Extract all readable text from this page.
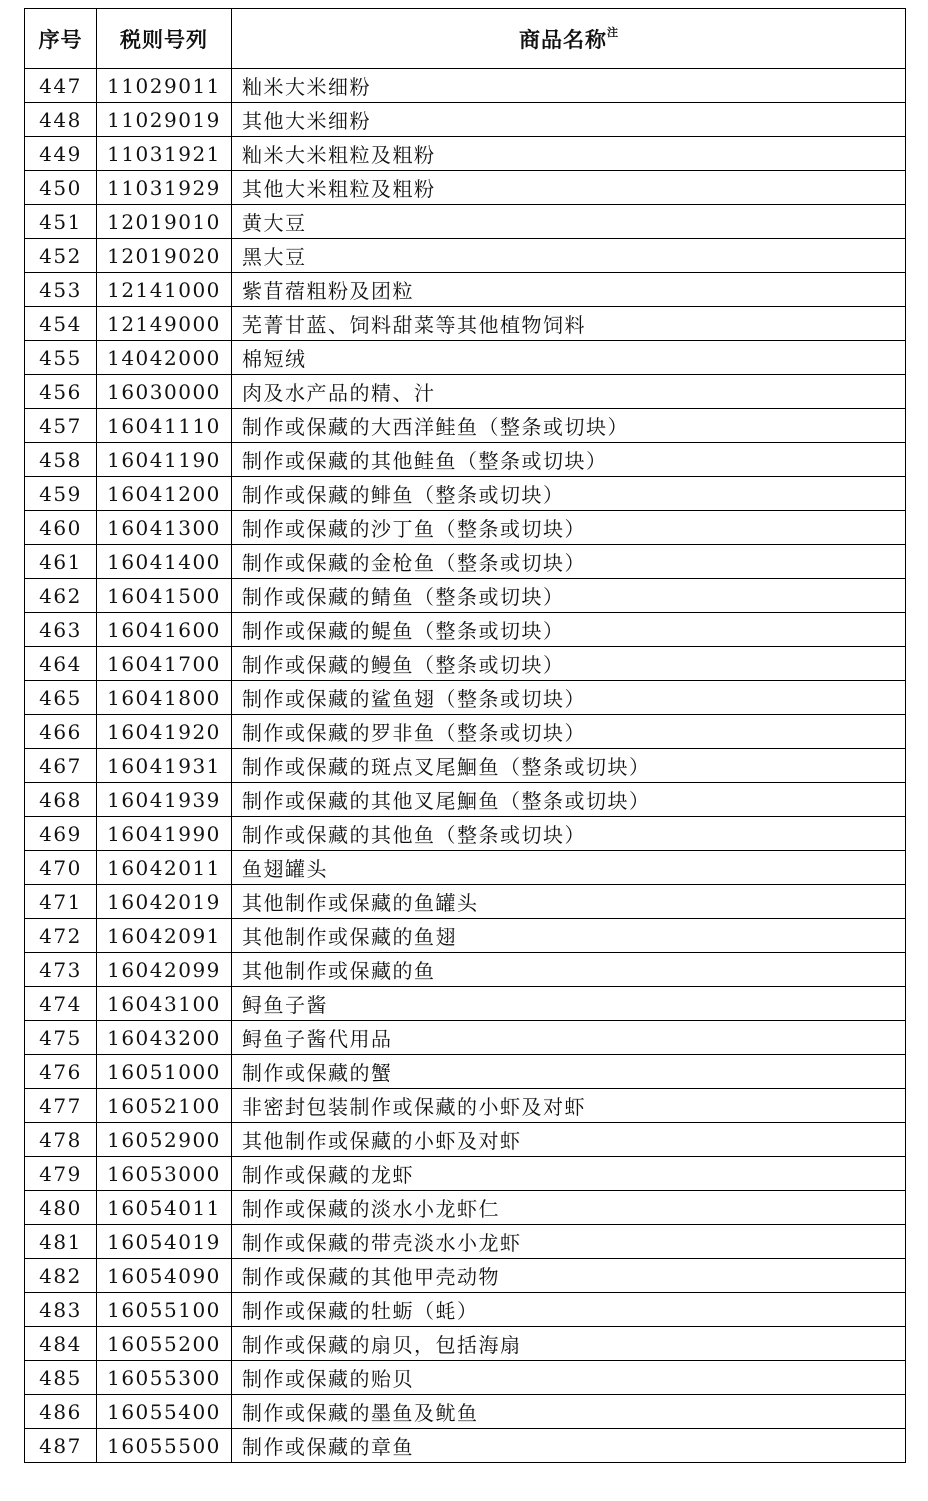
序号	税则号列	商品名称$^注$
447	11029011	籼米大米细粉
448	11029019	其他大米细粉
449	11031921	籼米大米粗粒及粗粉
450	11031929	其他大米粗粒及粗粉
451	12019010	黄大豆
452	12019020	黑大豆
453	12141000	紫苜蓿粗粉及团粒
454	12149000	芜菁甘蓝、饲料甜菜等其他植物饲料
455	14042000	棉短绒
456	16030000	肉及水产品的精、汁
457	16041110	制作或保藏的大西洋鲑鱼（整条或切块）
458	16041190	制作或保藏的其他鲑鱼（整条或切块）
459	16041200	制作或保藏的鲱鱼（整条或切块）
460	16041300	制作或保藏的沙丁鱼（整条或切块）
461	16041400	制作或保藏的金枪鱼（整条或切块）
462	16041500	制作或保藏的鲭鱼（整条或切块）
463	16041600	制作或保藏的鳀鱼（整条或切块）
464	16041700	制作或保藏的鳗鱼（整条或切块）
465	16041800	制作或保藏的鲨鱼翅（整条或切块）
466	16041920	制作或保藏的罗非鱼（整条或切块）
467	16041931	制作或保藏的斑点叉尾鮰鱼（整条或切块）
468	16041939	制作或保藏的其他叉尾鮰鱼（整条或切块）
469	16041990	制作或保藏的其他鱼（整条或切块）
470	16042011	鱼翅罐头
471	16042019	其他制作或保藏的鱼罐头
472	16042091	其他制作或保藏的鱼翅
473	16042099	其他制作或保藏的鱼
474	16043100	鲟鱼子酱
475	16043200	鲟鱼子酱代用品
476	16051000	制作或保藏的蟹
477	16052100	非密封包装制作或保藏的小虾及对虾
478	16052900	其他制作或保藏的小虾及对虾
479	16053000	制作或保藏的龙虾
480	16054011	制作或保藏的淡水小龙虾仁
481	16054019	制作或保藏的带壳淡水小龙虾
482	16054090	制作或保藏的其他甲壳动物
483	16055100	制作或保藏的牡蛎（蚝）
484	16055200	制作或保藏的扇贝，包括海扇
485	16055300	制作或保藏的贻贝
486	16055400	制作或保藏的墨鱼及鱿鱼
487	16055500	制作或保藏的章鱼
